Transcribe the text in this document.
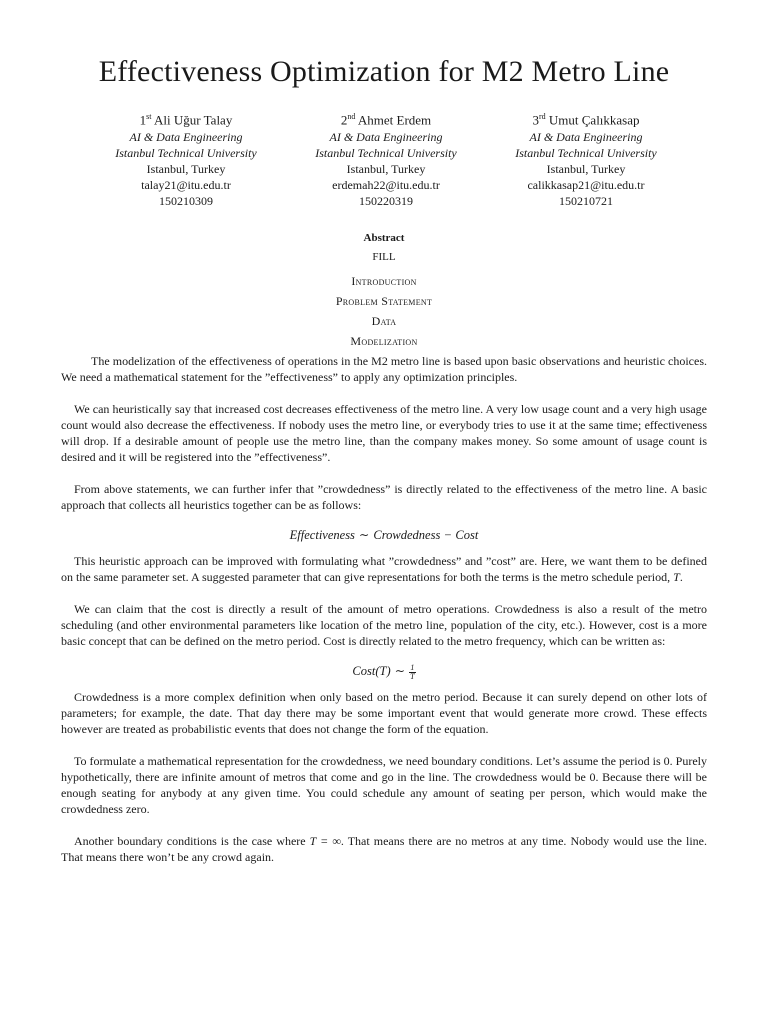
Effectiveness Optimization for M2 Metro Line
1st Ali Uğur Talay
AI & Data Engineering
Istanbul Technical University
Istanbul, Turkey
talay21@itu.edu.tr
150210309
2nd Ahmet Erdem
AI & Data Engineering
Istanbul Technical University
Istanbul, Turkey
erdemah22@itu.edu.tr
150220319
3rd Umut Çalıkkasap
AI & Data Engineering
Istanbul Technical University
Istanbul, Turkey
calikkasap21@itu.edu.tr
150210721
Abstract
FILL
Introduction
Problem Statement
Data
Modelization

The modelization of the effectiveness of operations in the M2 metro line is based upon basic observations and heuristic choices. We need a mathematical statement for the ”effectiveness” to apply any optimization principles.

We can heuristically say that increased cost decreases effectiveness of the metro line. A very low usage count and a very high usage count would also decrease the effectiveness. If nobody uses the metro line, or everybody tries to use it at the same time; effectiveness will drop. If a desirable amount of people use the metro line, than the company makes money. So some amount of usage count is desired and it will be registered into the ”effectiveness”.

From above statements, we can further infer that ”crowdedness” is directly related to the effectiveness of the metro line. A basic approach that collects all heuristics together can be as follows:

Effectiveness ∼ Crowdedness − Cost

This heuristic approach can be improved with formulating what ”crowdedness” and ”cost” are. Here, we want them to be defined on the same parameter set. A suggested parameter that can give representations for both the terms is the metro schedule period, T.

We can claim that the cost is directly a result of the amount of metro operations. Crowdedness is also a result of the metro scheduling (and other environmental parameters like location of the metro line, population of the city, etc.). However, cost is a more basic concept that can be defined on the metro period. Cost is directly related to the metro frequency, which can be written as:

Cost(T) ∼ $\frac{1}{T}$

Crowdedness is a more complex definition when only based on the metro period. Because it can surely depend on other lots of parameters; for example, the date. That day there may be some important event that would generate more crowd. These effects however are treated as probabilistic events that does not change the form of the equation.

To formulate a mathematical representation for the crowdedness, we need boundary conditions. Let’s assume the period is 0. Purely hypothetically, there are infinite amount of metros that come and go in the line. The crowdedness would be 0. Because there will be enough seating for anybody at any given time. You could schedule any amount of seating per person, which would make the crowdedness zero.

Another boundary conditions is the case where T = ∞. That means there are no metros at any time. Nobody would use the line. That means there won’t be any crowd again.
